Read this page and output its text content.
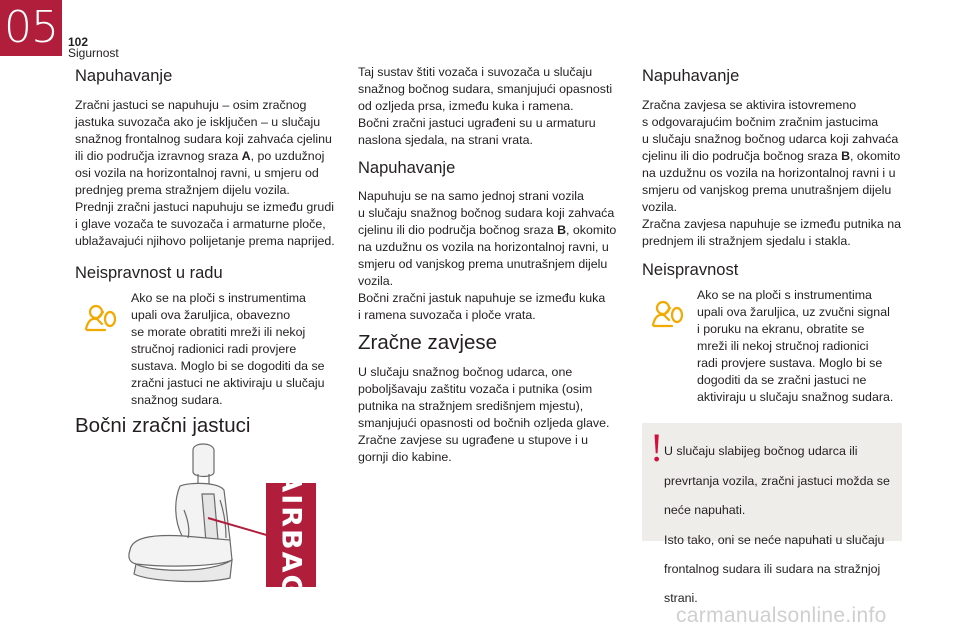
05 102
Sigurnost
Napuhavanje

Zračni jastuci se napuhuju – osim zračnog

jastuka suvozača ako je isključen – u slučaju

snažnog frontalnog sudara koji zahvaća cjelinu

ili dio područja izravnog sraza A, po uzdužnoj

osi vozila na horizontalnoj ravni, u smjeru od

prednjeg prema stražnjem dijelu vozila.

Prednji zračni jastuci napuhuju se između grudi

i glave vozača te suvozača i armaturne ploče,

ublažavajući njihovo polijetanje prema naprijed.

Neispravnost u radu

Ako se na ploči s instrumentima

upali ova žaruljica, obavezno

se morate obratiti mreži ili nekoj

stručnoj radionici radi provjere

sustava. Moglo bi se dogoditi da se

zračni jastuci ne aktiviraju u slučaju

snažnog sudara.

Bočni zračni jastuci
AIRBAG

Taj sustav štiti vozača i suvozača u slučaju

snažnog bočnog sudara, smanjujući opasnosti

od ozljeda prsa, između kuka i ramena.

Bočni zračni jastuci ugrađeni su u armaturu

naslona sjedala, na strani vrata.

Napuhavanje

Napuhuju se na samo jednoj strani vozila

u slučaju snažnog bočnog sudara koji zahvaća

cjelinu ili dio područja bočnog sraza B, okomito

na uzdužnu os vozila na horizontalnoj ravni, u

smjeru od vanjskog prema unutrašnjem dijelu

vozila.

Bočni zračni jastuk napuhuje se između kuka

i ramena suvozača i ploče vrata.

Zračne zavjese

U slučaju snažnog bočnog udarca, one

poboljšavaju zaštitu vozača i putnika (osim

putnika na stražnjem središnjem mjestu),

smanjujući opasnosti od bočnih ozljeda glave.

Zračne zavjese su ugrađene u stupove i u

gornji dio kabine.

Napuhavanje

Zračna zavjesa se aktivira istovremeno

s odgovarajućim bočnim zračnim jastucima

u slučaju snažnog bočnog udarca koji zahvaća

cjelinu ili dio područja bočnog sraza B, okomito

na uzdužnu os vozila na horizontalnoj ravni i u

smjeru od vanjskog prema unutrašnjem dijelu

vozila.

Zračna zavjesa napuhuje se između putnika na

prednjem ili stražnjem sjedalu i stakla.

Neispravnost

Ako se na ploči s instrumentima

upali ova žaruljica, uz zvučni signal

i poruku na ekranu, obratite se

mreži ili nekoj stručnoj radionici

radi provjere sustava. Moglo bi se

dogoditi da se zračni jastuci ne

aktiviraju u slučaju snažnog sudara.

! U slučaju slabijeg bočnog udarca ili

prevrtanja vozila, zračni jastuci možda se

neće napuhati.

Isto tako, oni se neće napuhati u slučaju

frontalnog sudara ili sudara na stražnjoj

strani.

carmanualsonline.info
